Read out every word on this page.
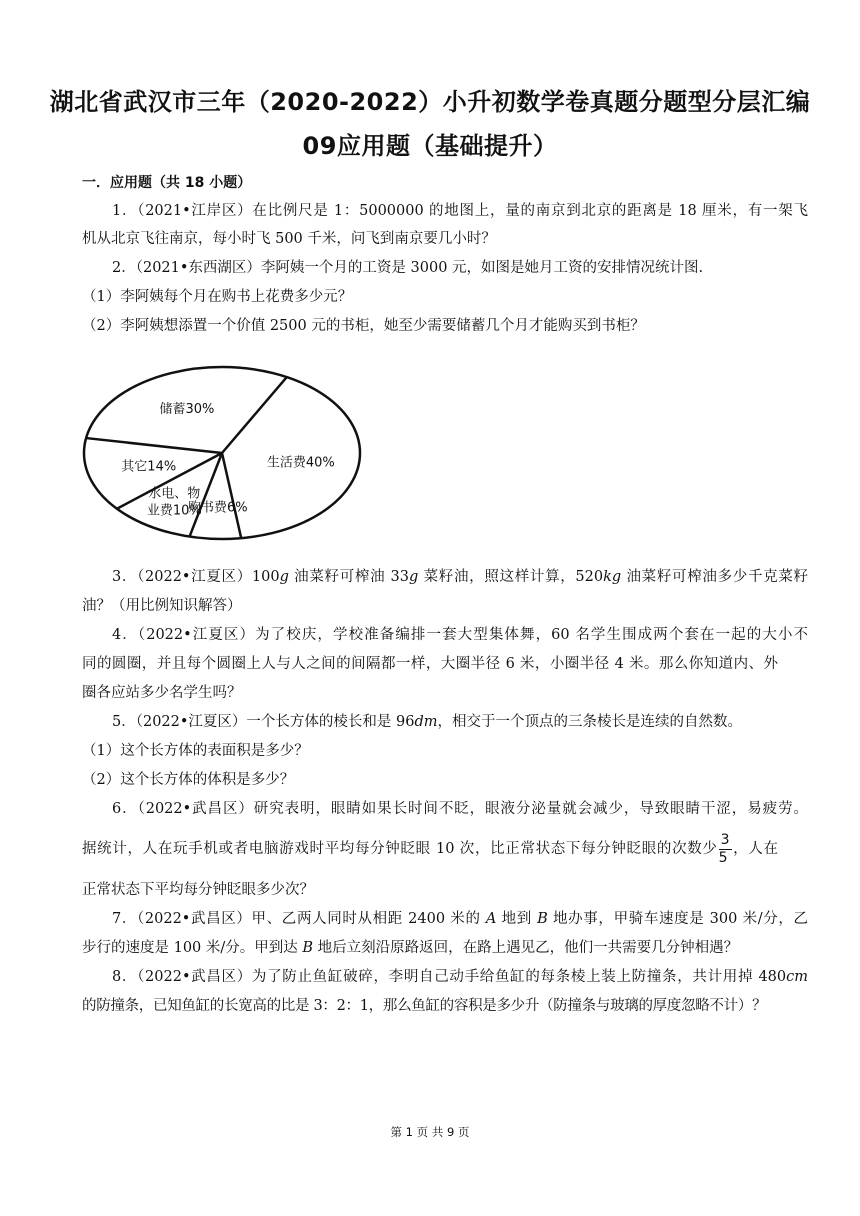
湖北省武汉市三年（2020-2022）小升初数学卷真题分题型分层汇编
09应用题（基础提升）
一．应用题（共 18 小题）
1．（2021•江岸区）在比例尺是 1：5000000 的地图上，量的南京到北京的距离是 18 厘米，有一架飞
机从北京飞往南京，每小时飞 500 千米，问飞到南京要几小时？
2．（2021•东西湖区）李阿姨一个月的工资是 3000 元，如图是她月工资的安排情况统计图.
（1）李阿姨每个月在购书上花费多少元？
（2）李阿姨想添置一个价值 2500 元的书柜，她至少需要储蓄几个月才能购买到书柜？
生活费40%
购书费6%
水电、物业费10%
其它14%
储蓄30%
3．（2022•江夏区）100g 油菜籽可榨油 33g 菜籽油，照这样计算，520kg 油菜籽可榨油多少千克菜籽
油？（用比例知识解答）
4．（2022•江夏区）为了校庆，学校准备编排一套大型集体舞，60 名学生围成两个套在一起的大小不
同的圆圈，并且每个圆圈上人与人之间的间隔都一样，大圈半径 6 米，小圈半径 4 米。那么你知道内、外
圈各应站多少名学生吗？
5．（2022•江夏区）一个长方体的棱长和是 96dm，相交于一个顶点的三条棱长是连续的自然数。
（1）这个长方体的表面积是多少？
（2）这个长方体的体积是多少？
6．（2022•武昌区）研究表明，眼睛如果长时间不眨，眼液分泌量就会减少，导致眼睛干涩，易疲劳。
据统计，人在玩手机或者电脑游戏时平均每分钟眨眼 10 次，比正常状态下每分钟眨眼的次数少 $\frac{3}{5}$ ，人在
正常状态下平均每分钟眨眼多少次？
7．（2022•武昌区）甲、乙两人同时从相距 2400 米的 A 地到 B 地办事，甲骑车速度是 300 米/分，乙
步行的速度是 100 米/分。甲到达 B 地后立刻沿原路返回，在路上遇见乙，他们一共需要几分钟相遇？
8．（2022•武昌区）为了防止鱼缸破碎，李明自己动手给鱼缸的每条棱上装上防撞条，共计用掉 480cm
的防撞条，已知鱼缸的长宽高的比是 3：2：1，那么鱼缸的容积是多少升（防撞条与玻璃的厚度忽略不计）？
第 1 页 共 9 页
